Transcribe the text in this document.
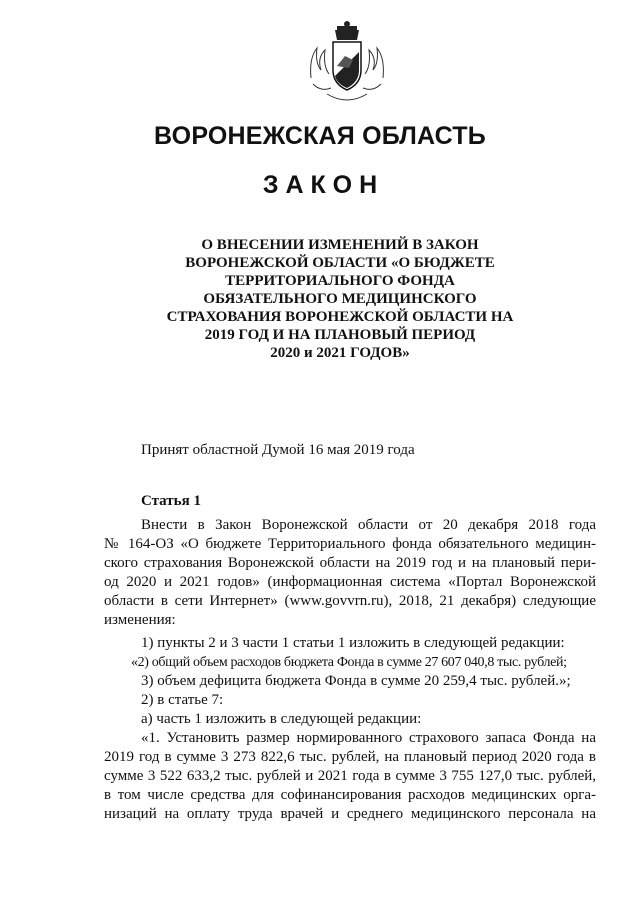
ВОРОНЕЖСКАЯ ОБЛАСТЬ
З А К О Н
О ВНЕСЕНИИ ИЗМЕНЕНИЙ В ЗАКОН
ВОРОНЕЖСКОЙ ОБЛАСТИ «О БЮДЖЕТЕ
ТЕРРИТОРИАЛЬНОГО ФОНДА
ОБЯЗАТЕЛЬНОГО МЕДИЦИНСКОГО
СТРАХОВАНИЯ ВОРОНЕЖСКОЙ ОБЛАСТИ НА
2019 ГОД И НА ПЛАНОВЫЙ ПЕРИОД
2020 и 2021 ГОДОВ»
Принят областной Думой 16 мая 2019 года
Статья 1
Внести в Закон Воронежской области от 20 декабря 2018 года
№ 164-ОЗ «О бюджете Территориального фонда обязательного медицин-
ского страхования Воронежской области на 2019 год и на плановый пери-
од 2020 и 2021 годов» (информационная система «Портал Воронежской
области в сети Интернет» (www.govvrn.ru), 2018, 21 декабря) следующие
изменения:
1) пункты 2 и 3 части 1 статьи 1 изложить в следующей редакции:
«2) общий объем расходов бюджета Фонда в сумме 27 607 040,8 тыс. рублей;
3) объем дефицита бюджета Фонда в сумме 20 259,4 тыс. рублей.»;
2) в статье 7:
а) часть 1 изложить в следующей редакции:
«1. Установить размер нормированного страхового запаса Фонда на
2019 год в сумме 3 273 822,6 тыс. рублей, на плановый период 2020 года в
сумме 3 522 633,2 тыс. рублей и 2021 года в сумме 3 755 127,0 тыс. рублей,
в том числе средства для софинансирования расходов медицинских орга-
низаций на оплату труда врачей и среднего медицинского персонала на
